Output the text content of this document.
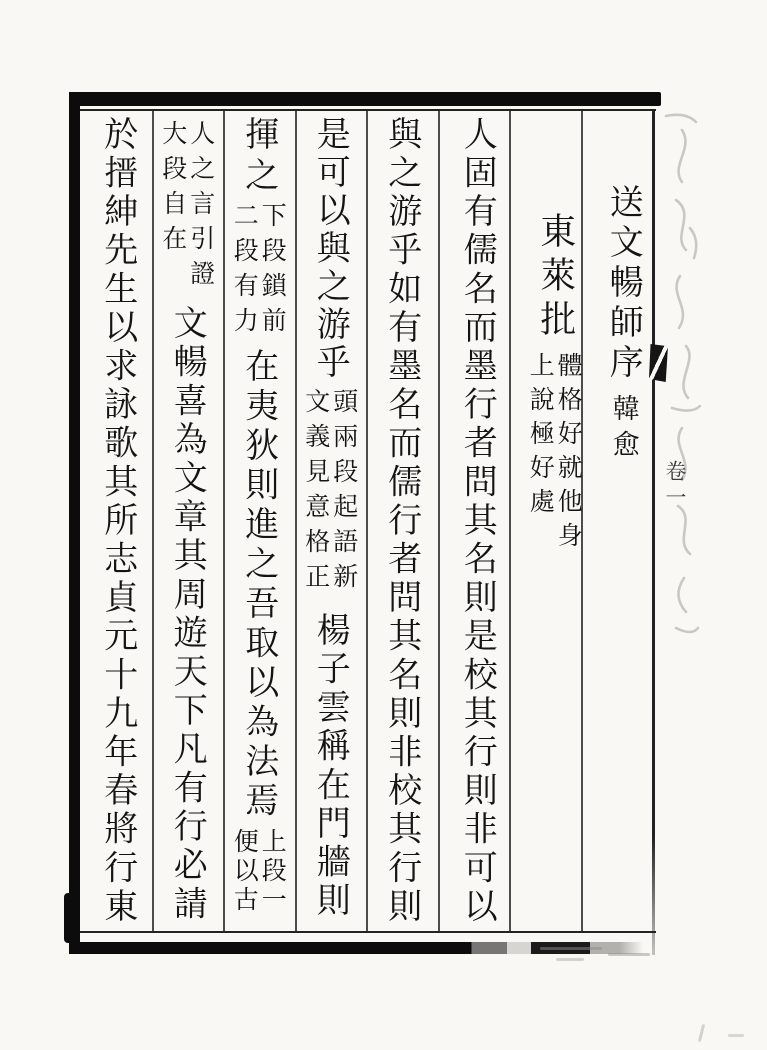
送文暢師序
韓愈
東萊批
體格好就他身
上說極好處
人固有儒名而墨行者問其名則是校其行則非可以
與之游乎如有墨名而儒行者問其名則非校其行則
是可以與之游乎
頭兩段起語新
文義見意格正
楊子雲稱在門牆則
揮之
下段鎖前
二段有力
在夷狄則進之吾取以為法焉
上段一
便以古
人之言引證
大段自在
文暢喜為文章其周遊天下凡有行必請
於搢紳先生以求詠歌其所志貞元十九年春將行東	卷一
